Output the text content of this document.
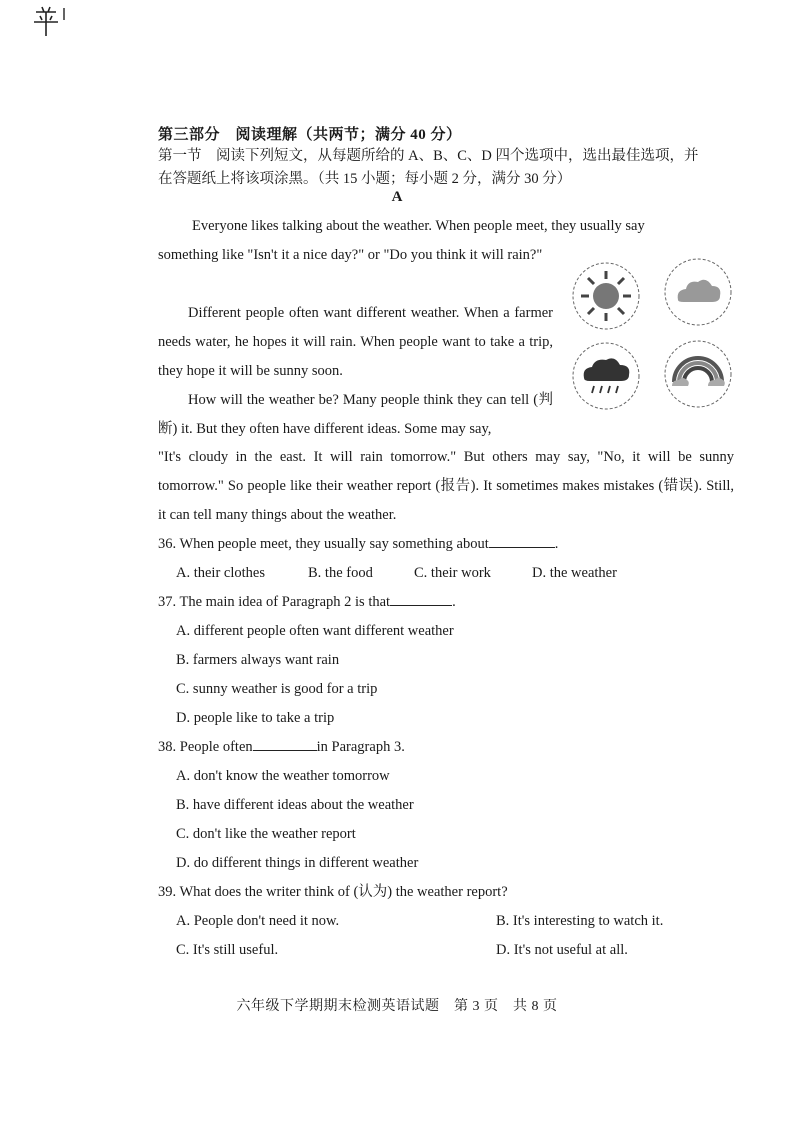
第三部分　阅读理解（共两节；满分 40 分）
第一节　阅读下列短文，从每题所给的 A、B、C、D 四个选项中，选出最佳选项，并
在答题纸上将该项涂黑。（共 15 小题；每小题 2 分，满分 30 分）
A
Everyone likes talking about the weather. When people meet, they usually say
something like "Isn't it a nice day?" or "Do you think it will rain?"
Different people often want different weather. When a farmer needs water, he hopes it will rain. When people want to take a trip, they hope it will be sunny soon.
How will the weather be? Many people think they can tell (判断) it. But they often have different ideas. Some may say,
"It's cloudy in the east. It will rain tomorrow." But others may say, "No, it will be sunny tomorrow." So people like their weather report (报告). It sometimes makes mistakes (错误). Still, it can tell many things about the weather.
36. When people meet, they usually say something about	.
A. their clothes	B. the food	C. their work	D. the weather
37. The main idea of Paragraph 2 is that	.
A. different people often want different weather
B. farmers always want rain
C. sunny weather is good for a trip
D. people like to take a trip
38. People often	in Paragraph 3.
A. don't know the weather tomorrow
B. have different ideas about the weather
C. don't like the weather report
D. do different things in different weather
39. What does the writer think of (认为) the weather report?
A. People don't need it now.	B. It's interesting to watch it.
C. It's still useful.	D. It's not useful at all.
六年级下学期期末检测英语试题　第 3 页　共 8 页
